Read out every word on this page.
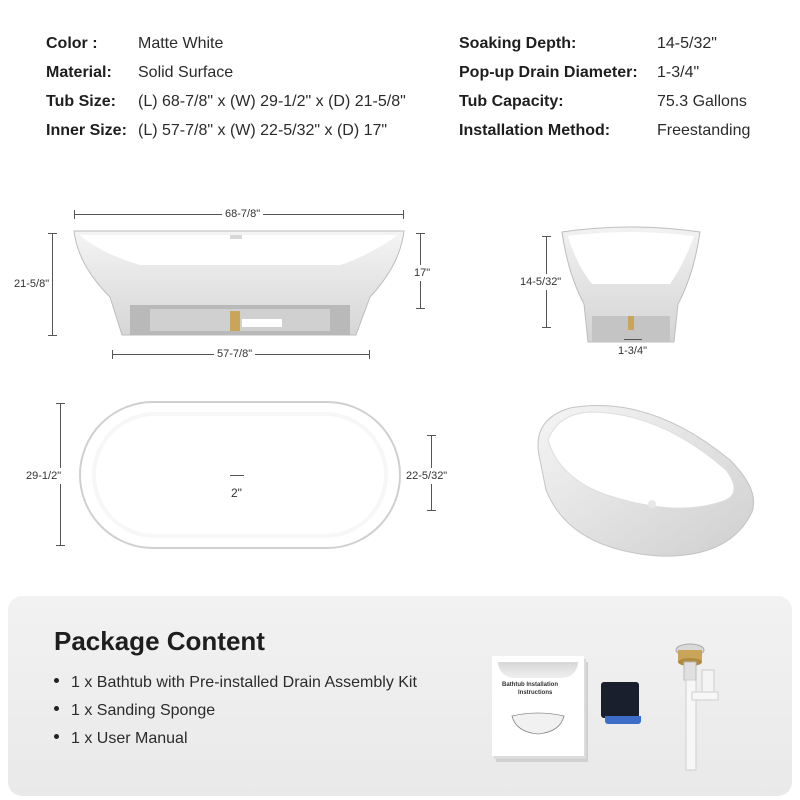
Color :	Matte White
Material: Solid Surface
Tub Size: (L) 68-7/8" x (W) 29-1/2" x (D) 21-5/8"
Inner Size: (L) 57-7/8" x (W) 22-5/32" x (D) 17"
Soaking Depth:	14-5/32"
Pop-up Drain Diameter: 1-3/4"
Tub Capacity:	75.3 Gallons
Installation Method:	Freestanding
68-7/8"
21-5/8"
17"
57-7/8"
14-5/32"
1-3/4"
29-1/2"	22-5/32"
2"
Package Content
1 x Bathtub with Pre-installed Drain Assembly Kit
1 x Sanding Sponge
1 x User Manual
Bathtub Installation
Instructions
